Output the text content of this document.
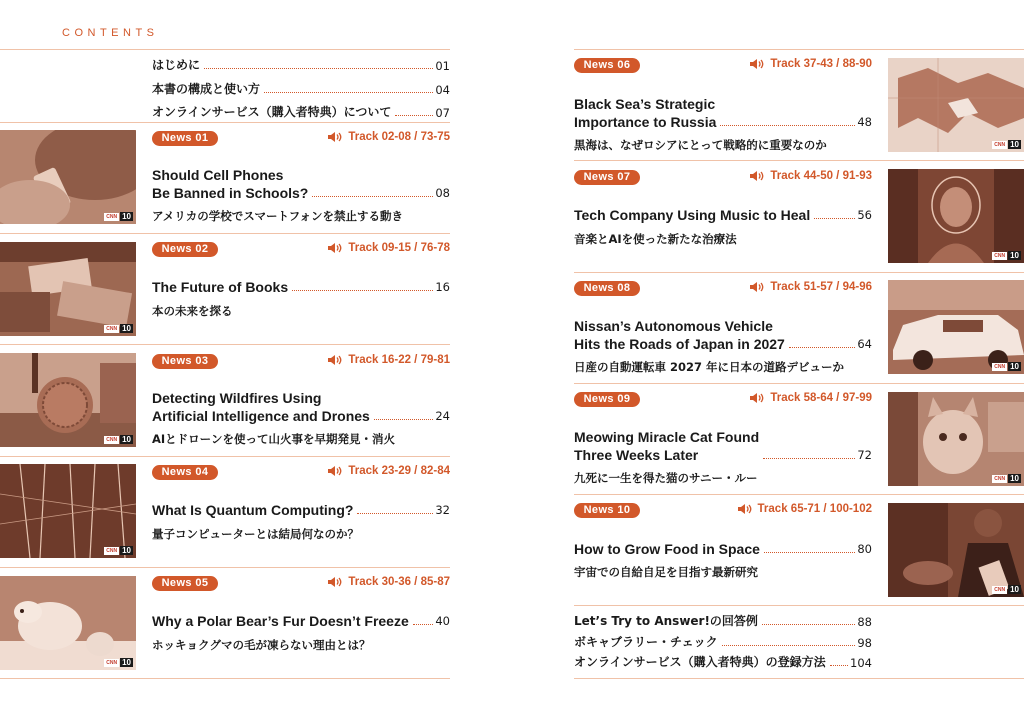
CONTENTS
はじめに	01
本書の構成と使い方	04
オンラインサービス（購入者特典）について	07
CNN 10
News 01	Track 02-08 / 73-75
Should Cell Phones
Be Banned in Schools?	08
アメリカの学校でスマートフォンを禁止する動き
CNN 10
News 02	Track 09-15 / 76-78
The Future of Books	16
本の未来を探る
CNN 10
News 03	Track 16-22 / 79-81
Detecting Wildfires Using
Artificial Intelligence and Drones	24
AIとドローンを使って山火事を早期発見・消火
CNN 10
News 04	Track 23-29 / 82-84
What Is Quantum Computing?	32
量子コンピューターとは結局何なのか？
CNN 10
News 05	Track 30-36 / 85-87
Why a Polar Bear’s Fur Doesn’t Freeze 40
ホッキョクグマの毛が凍らない理由とは？
CNN 10
News 06	Track 37-43 / 88-90
Black Sea’s Strategic
Importance to Russia	48
黒海は、なぜロシアにとって戦略的に重要なのか
CNN 10
News 07	Track 44-50 / 91-93
Tech Company Using Music to Heal	56
音楽とAIを使った新たな治療法
CNN 10
News 08	Track 51-57 / 94-96
Nissan’s Autonomous Vehicle
Hits the Roads of Japan in 2027	64
日産の自動運転車 2027 年に日本の道路デビューか
CNN 10
News 09	Track 58-64 / 97-99
Meowing Miracle Cat Found
Three Weeks Later	72
九死に一生を得た猫のサニー・ルー
CNN 10
News 10	Track 65-71 / 100-102
How to Grow Food in Space	80
宇宙での自給自足を目指す最新研究
Let’s Try to Answer!の回答例	88
ボキャブラリー・チェック	98
オンラインサービス（購入者特典）の登録方法 104
